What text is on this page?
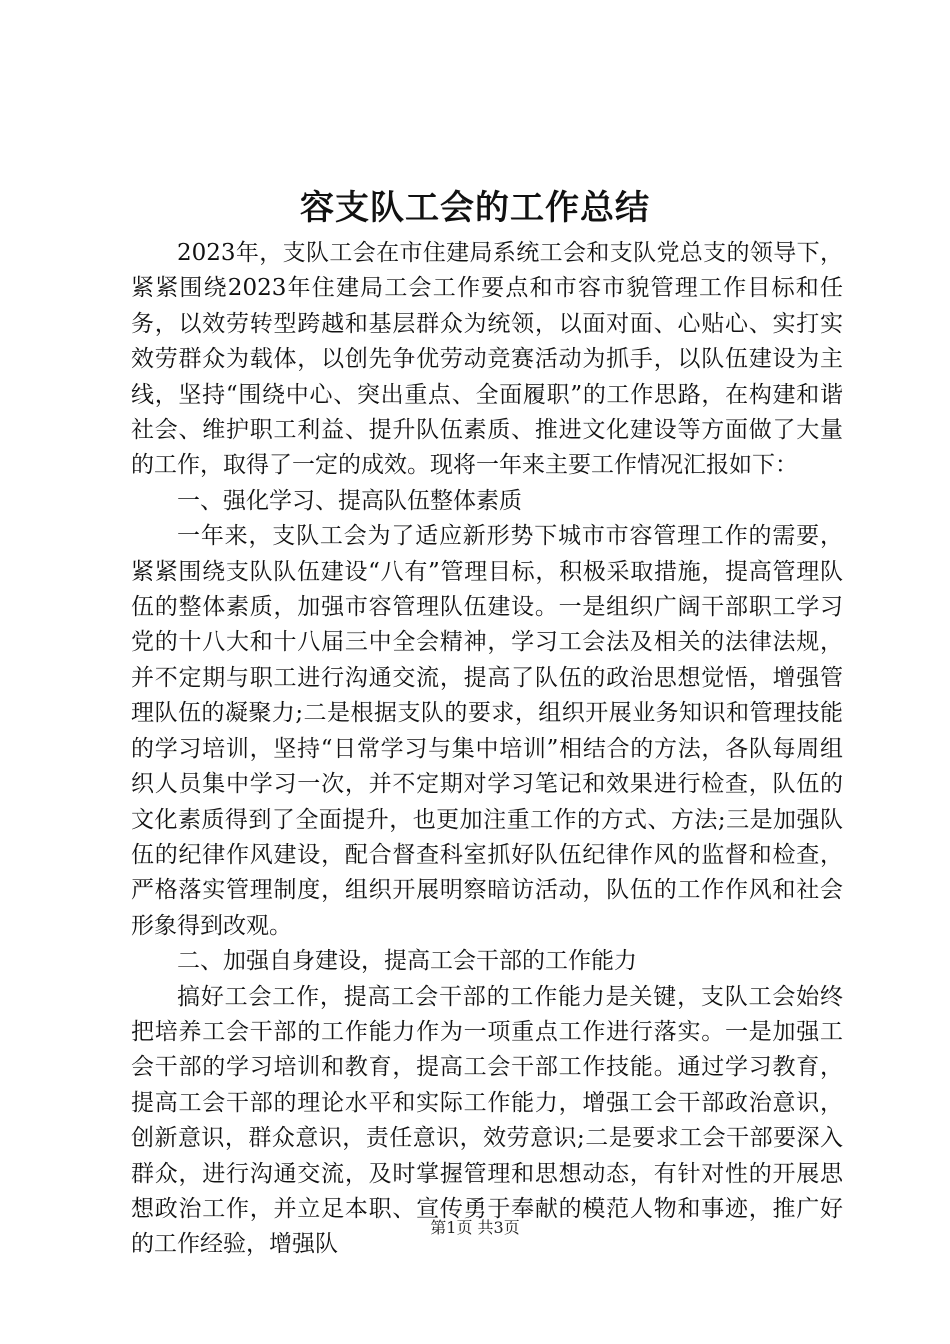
容支队工会的工作总结

2023年，支队工会在市住建局系统工会和支队党总支的领导下，紧紧围绕2023年住建局工会工作要点和市容市貌管理工作目标和任务，以效劳转型跨越和基层群众为统领，以面对面、心贴心、实打实效劳群众为载体，以创先争优劳动竞赛活动为抓手，以队伍建设为主线，坚持“围绕中心、突出重点、全面履职”的工作思路，在构建和谐社会、维护职工利益、提升队伍素质、推进文化建设等方面做了大量的工作，取得了一定的成效。现将一年来主要工作情况汇报如下：

一、强化学习、提高队伍整体素质

一年来，支队工会为了适应新形势下城市市容管理工作的需要，紧紧围绕支队队伍建设“八有”管理目标，积极采取措施，提高管理队伍的整体素质，加强市容管理队伍建设。一是组织广阔干部职工学习党的十八大和十八届三中全会精神，学习工会法及相关的法律法规，并不定期与职工进行沟通交流，提高了队伍的政治思想觉悟，增强管理队伍的凝聚力;二是根据支队的要求，组织开展业务知识和管理技能的学习培训，坚持“日常学习与集中培训”相结合的方法，各队每周组织人员集中学习一次，并不定期对学习笔记和效果进行检查，队伍的文化素质得到了全面提升，也更加注重工作的方式、方法;三是加强队伍的纪律作风建设，配合督查科室抓好队伍纪律作风的监督和检查，严格落实管理制度，组织开展明察暗访活动，队伍的工作作风和社会形象得到改观。

二、加强自身建设，提高工会干部的工作能力

搞好工会工作，提高工会干部的工作能力是关键，支队工会始终把培养工会干部的工作能力作为一项重点工作进行落实。一是加强工会干部的学习培训和教育，提高工会干部工作技能。通过学习教育，提高工会干部的理论水平和实际工作能力，增强工会干部政治意识，创新意识，群众意识，责任意识，效劳意识;二是要求工会干部要深入群众，进行沟通交流，及时掌握管理和思想动态，有针对性的开展思想政治工作，并立足本职、宣传勇于奉献的模范人物和事迹，推广好的工作经验，增强队

第1页 共3页
